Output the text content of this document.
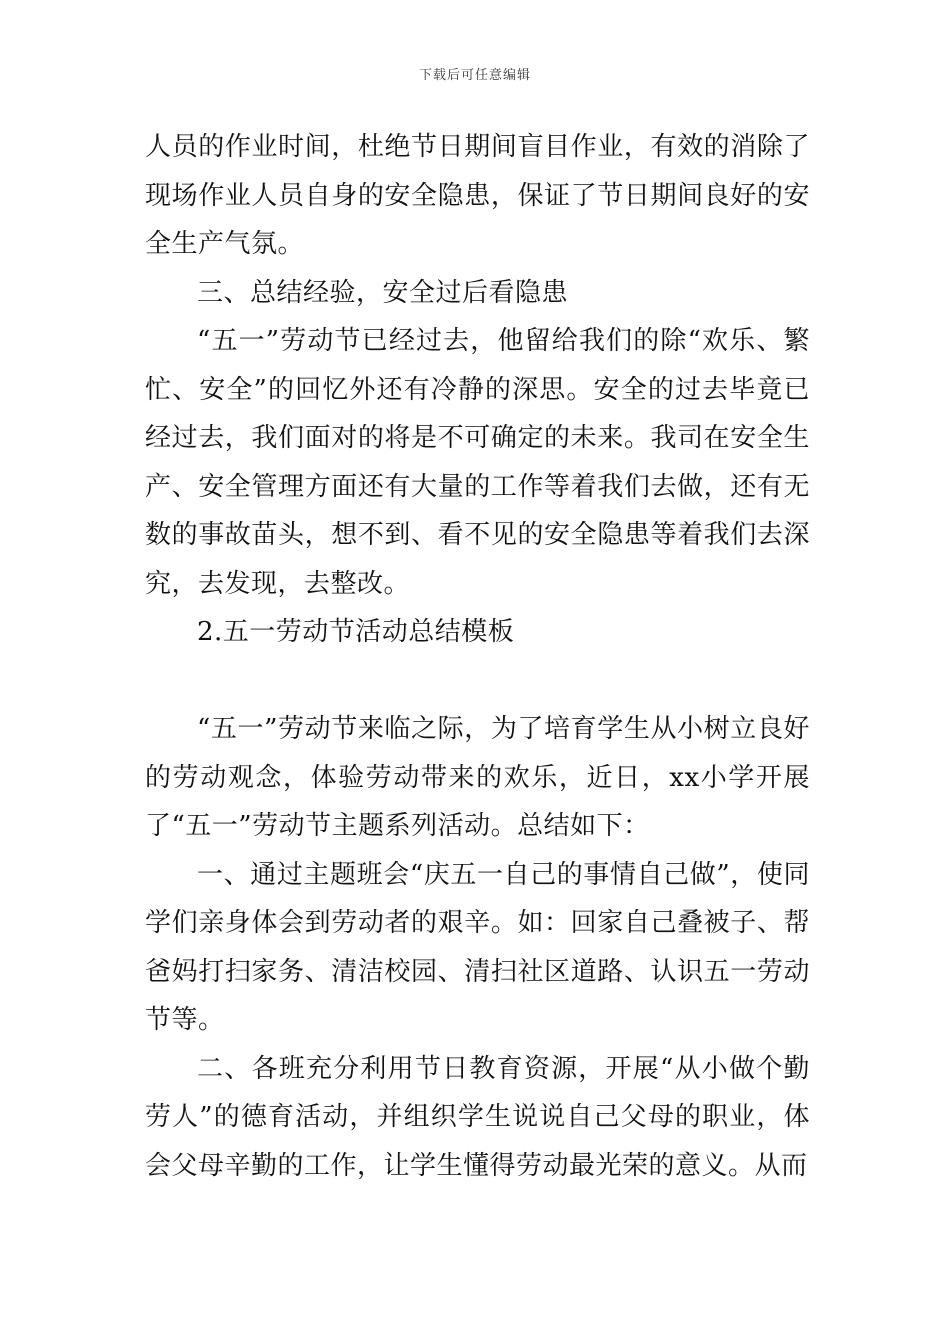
下载后可任意编辑

人员的作业时间，杜绝节日期间盲目作业，有效的消除了现场作业人员自身的安全隐患，保证了节日期间良好的安全生产气氛。

三、总结经验，安全过后看隐患

“五一”劳动节已经过去，他留给我们的除“欢乐、繁忙、安全”的回忆外还有冷静的深思。安全的过去毕竟已经过去，我们面对的将是不可确定的未来。我司在安全生产、安全管理方面还有大量的工作等着我们去做，还有无数的事故苗头，想不到、看不见的安全隐患等着我们去深究，去发现，去整改。

2.五一劳动节活动总结模板

“五一”劳动节来临之际，为了培育学生从小树立良好的劳动观念，体验劳动带来的欢乐，近日，xx小学开展了“五一”劳动节主题系列活动。总结如下：

一、通过主题班会“庆五一自己的事情自己做”，使同学们亲身体会到劳动者的艰辛。如：回家自己叠被子、帮爸妈打扫家务、清洁校园、清扫社区道路、认识五一劳动节等。

二、各班充分利用节日教育资源，开展“从小做个勤劳人”的德育活动，并组织学生说说自己父母的职业，体会父母辛勤的工作，让学生懂得劳动最光荣的意义。从而
